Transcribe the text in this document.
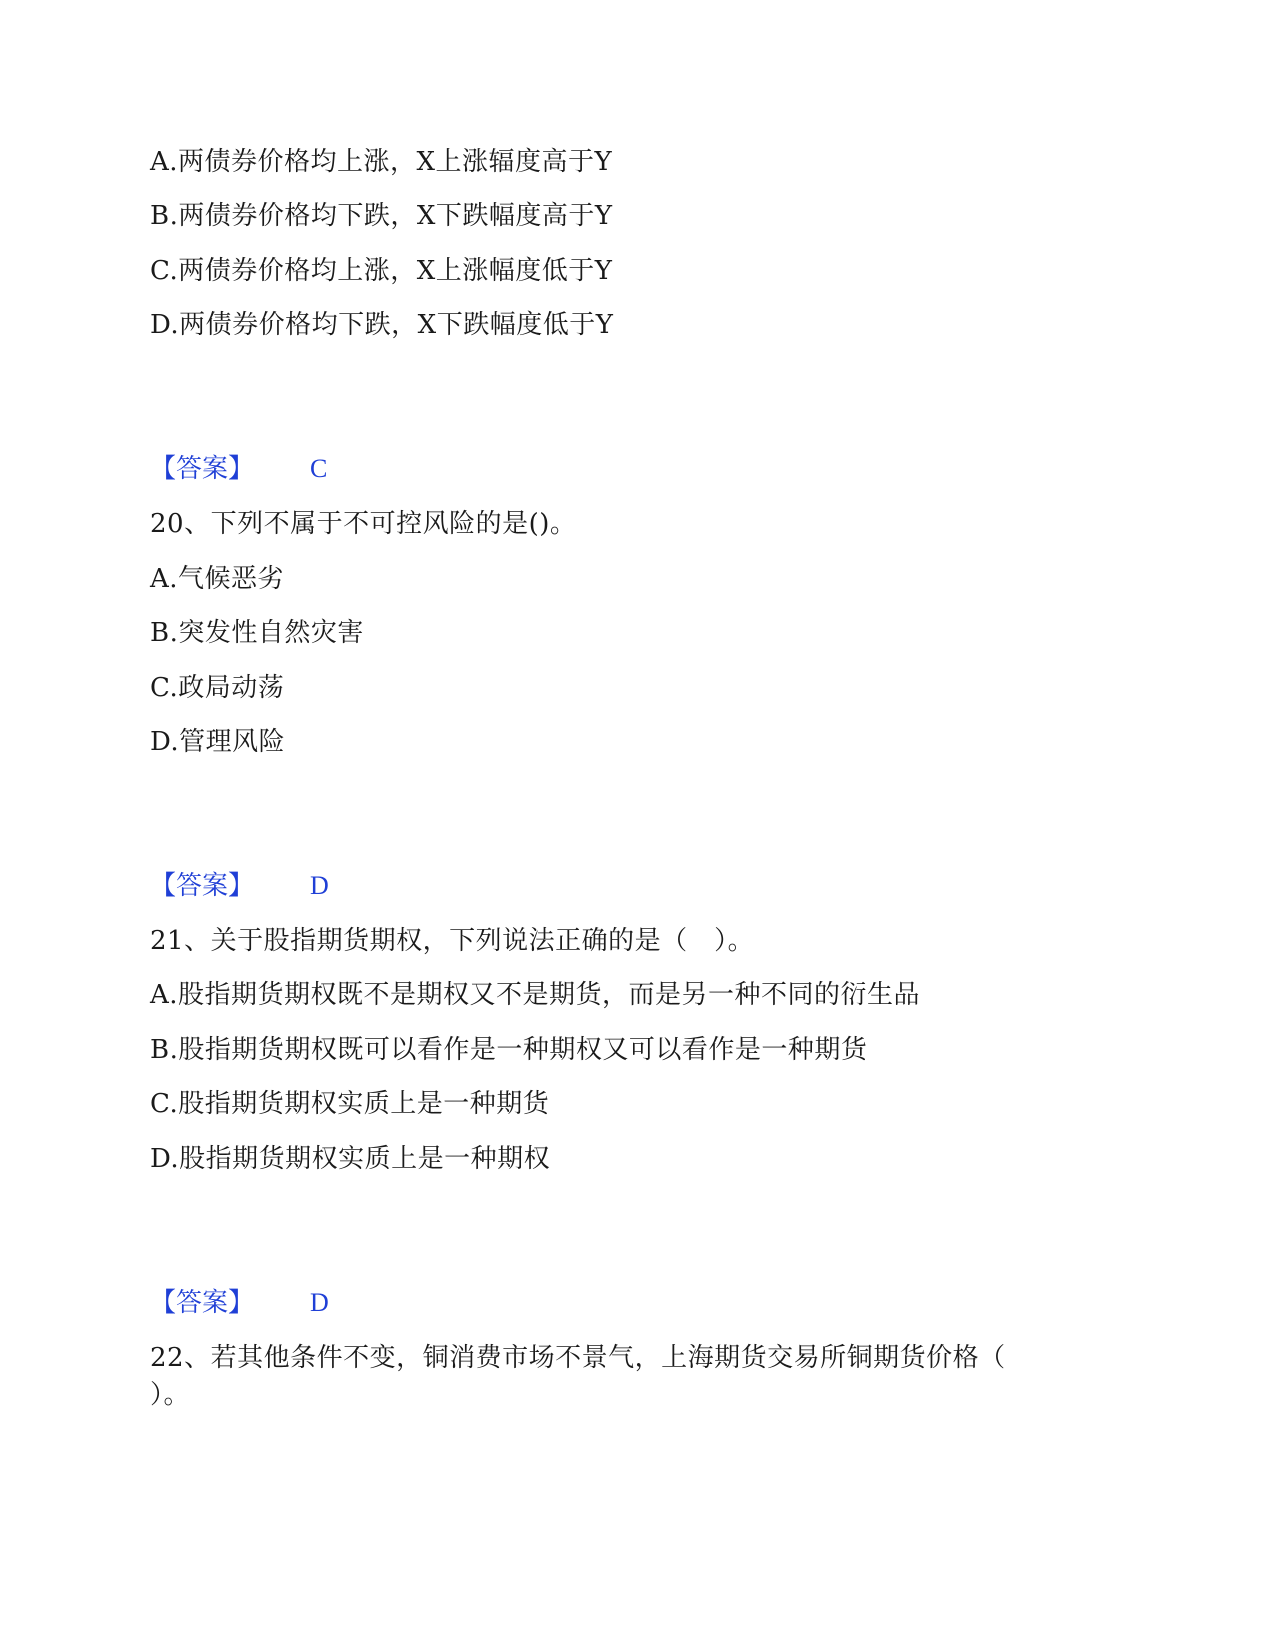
A.两债券价格均上涨，X上涨辐度高于Y
B.两债券价格均下跌，X下跌幅度高于Y
C.两债券价格均上涨，X上涨幅度低于Y
D.两债券价格均下跌，X下跌幅度低于Y
【答案】 C
20、下列不属于不可控风险的是()。
A.气候恶劣
B.突发性自然灾害
C.政局动荡
D.管理风险
【答案】 D
21、关于股指期货期权，下列说法正确的是（　）。
A.股指期货期权既不是期权又不是期货，而是另一种不同的衍生品
B.股指期货期权既可以看作是一种期权又可以看作是一种期货
C.股指期货期权实质上是一种期货
D.股指期货期权实质上是一种期权
【答案】 D
22、若其他条件不变，铜消费市场不景气，上海期货交易所铜期货价格（
）。
